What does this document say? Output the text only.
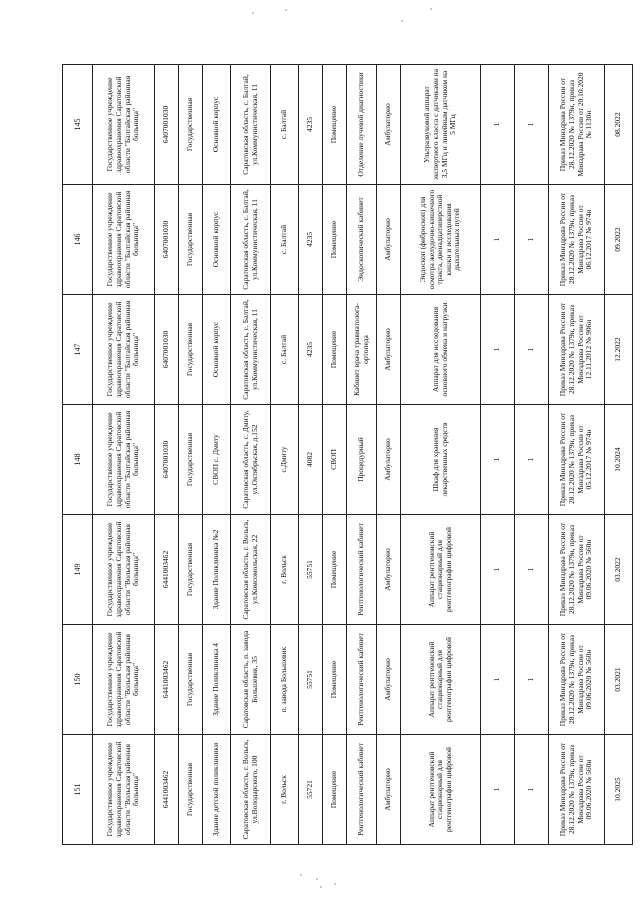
151	150	149	148	147	146	145
Государственное учреждение здравоохранения Саратовской области "Вольская районная больница"	Государственное учреждение здравоохранения Саратовской области "Вольская районная больница"	Государственное учреждение здравоохранения Саратовской области "Вольская районная больница"	Государственное учреждение здравоохранения Саратовской области "Балтайская районная больница"	Государственное учреждение здравоохранения Саратовской области "Балтайская районная больница"	Государственное учреждение здравоохранения Саратовской области "Балтайская районная больница"	Государственное учреждение здравоохранения Саратовской области "Балтайская районная больница"
6441003462	6441003462	6441003462	6407001030	6407001030	6407001030	6407001030
Государственная	Государственная	Государственная	Государственная	Государственная	Государственная	Государственная
Здание детской поликлиники	Здание Поликлиника 4	Здание Поликлиника №2	СВОП с. Дмиту	Основной корпус	Основной корпус	Основной корпус
Саратовская область, г. Вольск, ул.Володарского, 100	Саратовская область, п. завода Большевик, 35	Саратовская область, г. Вольск, ул.Комсомольская, 22	Саратовская область, с. Дмиту, ул.Октябрьская, д.152	Саратовская область, с. Балтай, ул.Коммунистическая, 11	Саратовская область, с. Балтай, ул.Коммунистическая, 11	Саратовская область, с. Балтай, ул.Коммунистическая, 11
г. Вольск	п. завода Большевик	г. Вольск	с.Дмиту	с. Балтай	с. Балтай	с. Балтай
55721	55751	55751	4082	4235	4235	4235
Помещение	Помещение	Помещение	СВОП	Помещение	Помещение	Помещение
Рентгенологический кабинет	Рентгенологический кабинет	Рентгенологический кабинет	Процедурный	Кабинет врача травматолога-ортопеда	Эндоскопический кабинет	Отделение лучевой диагностики
Амбулаторно	Амбулаторно	Амбулаторно	Амбулаторно	Амбулаторно	Амбулаторно	Амбулаторно
Аппарат рентгеновский стационарный для рентгенографии цифровой	Аппарат рентгеновский стационарный для рентгенографии цифровой	Аппарат рентгеновский стационарный для рентгенографии цифровой	Шкаф для хранения лекарственных средств	Аппарат для исследования основного обмена и нагрузки	Эндоскоп (фиброскоп) для осмотра желудочно-кишечного тракта, двенадцатиперстной кишки и исследования дыхательных путей	Ультразвуковой аппарат экспертного класса с датчиками на 3,5 МГц и линейным датчиком на 5 МГц
1	1	1	1	1	1	1
1	1	1	1	1	1	1
Приказ Минздрава России от 28.12.2020 № 1379н, приказ Минздрава России от 09.06.2020 № 560н	Приказ Минздрава России от 28.12.2020 № 1379н, приказ Минздрава России от 09.06.2020 № 560н	Приказ Минздрава России от 28.12.2020 № 1379н, приказ Минздрава России от 09.06.2020 № 560н	Приказ Минздрава России от 28.12.2020 № 1379н, приказ Минздрава России от 05.12.2017 № 974н	Приказ Минздрава России от 28.12.2020 № 1379н, приказ Минздрава России от 12.11.2012 № 906н	Приказ Минздрава России от 28.12.2020 № 1379н, приказ Минздрава России от 06.12.2017 № 974н	Приказ Минздрава России от 28.12.2020 № 1379н, приказ Минздрава России от 20.10.2020 № 1130н
10.2025	03.2021	03.2022	10.2024	12.2022	09.2022	08.2022
